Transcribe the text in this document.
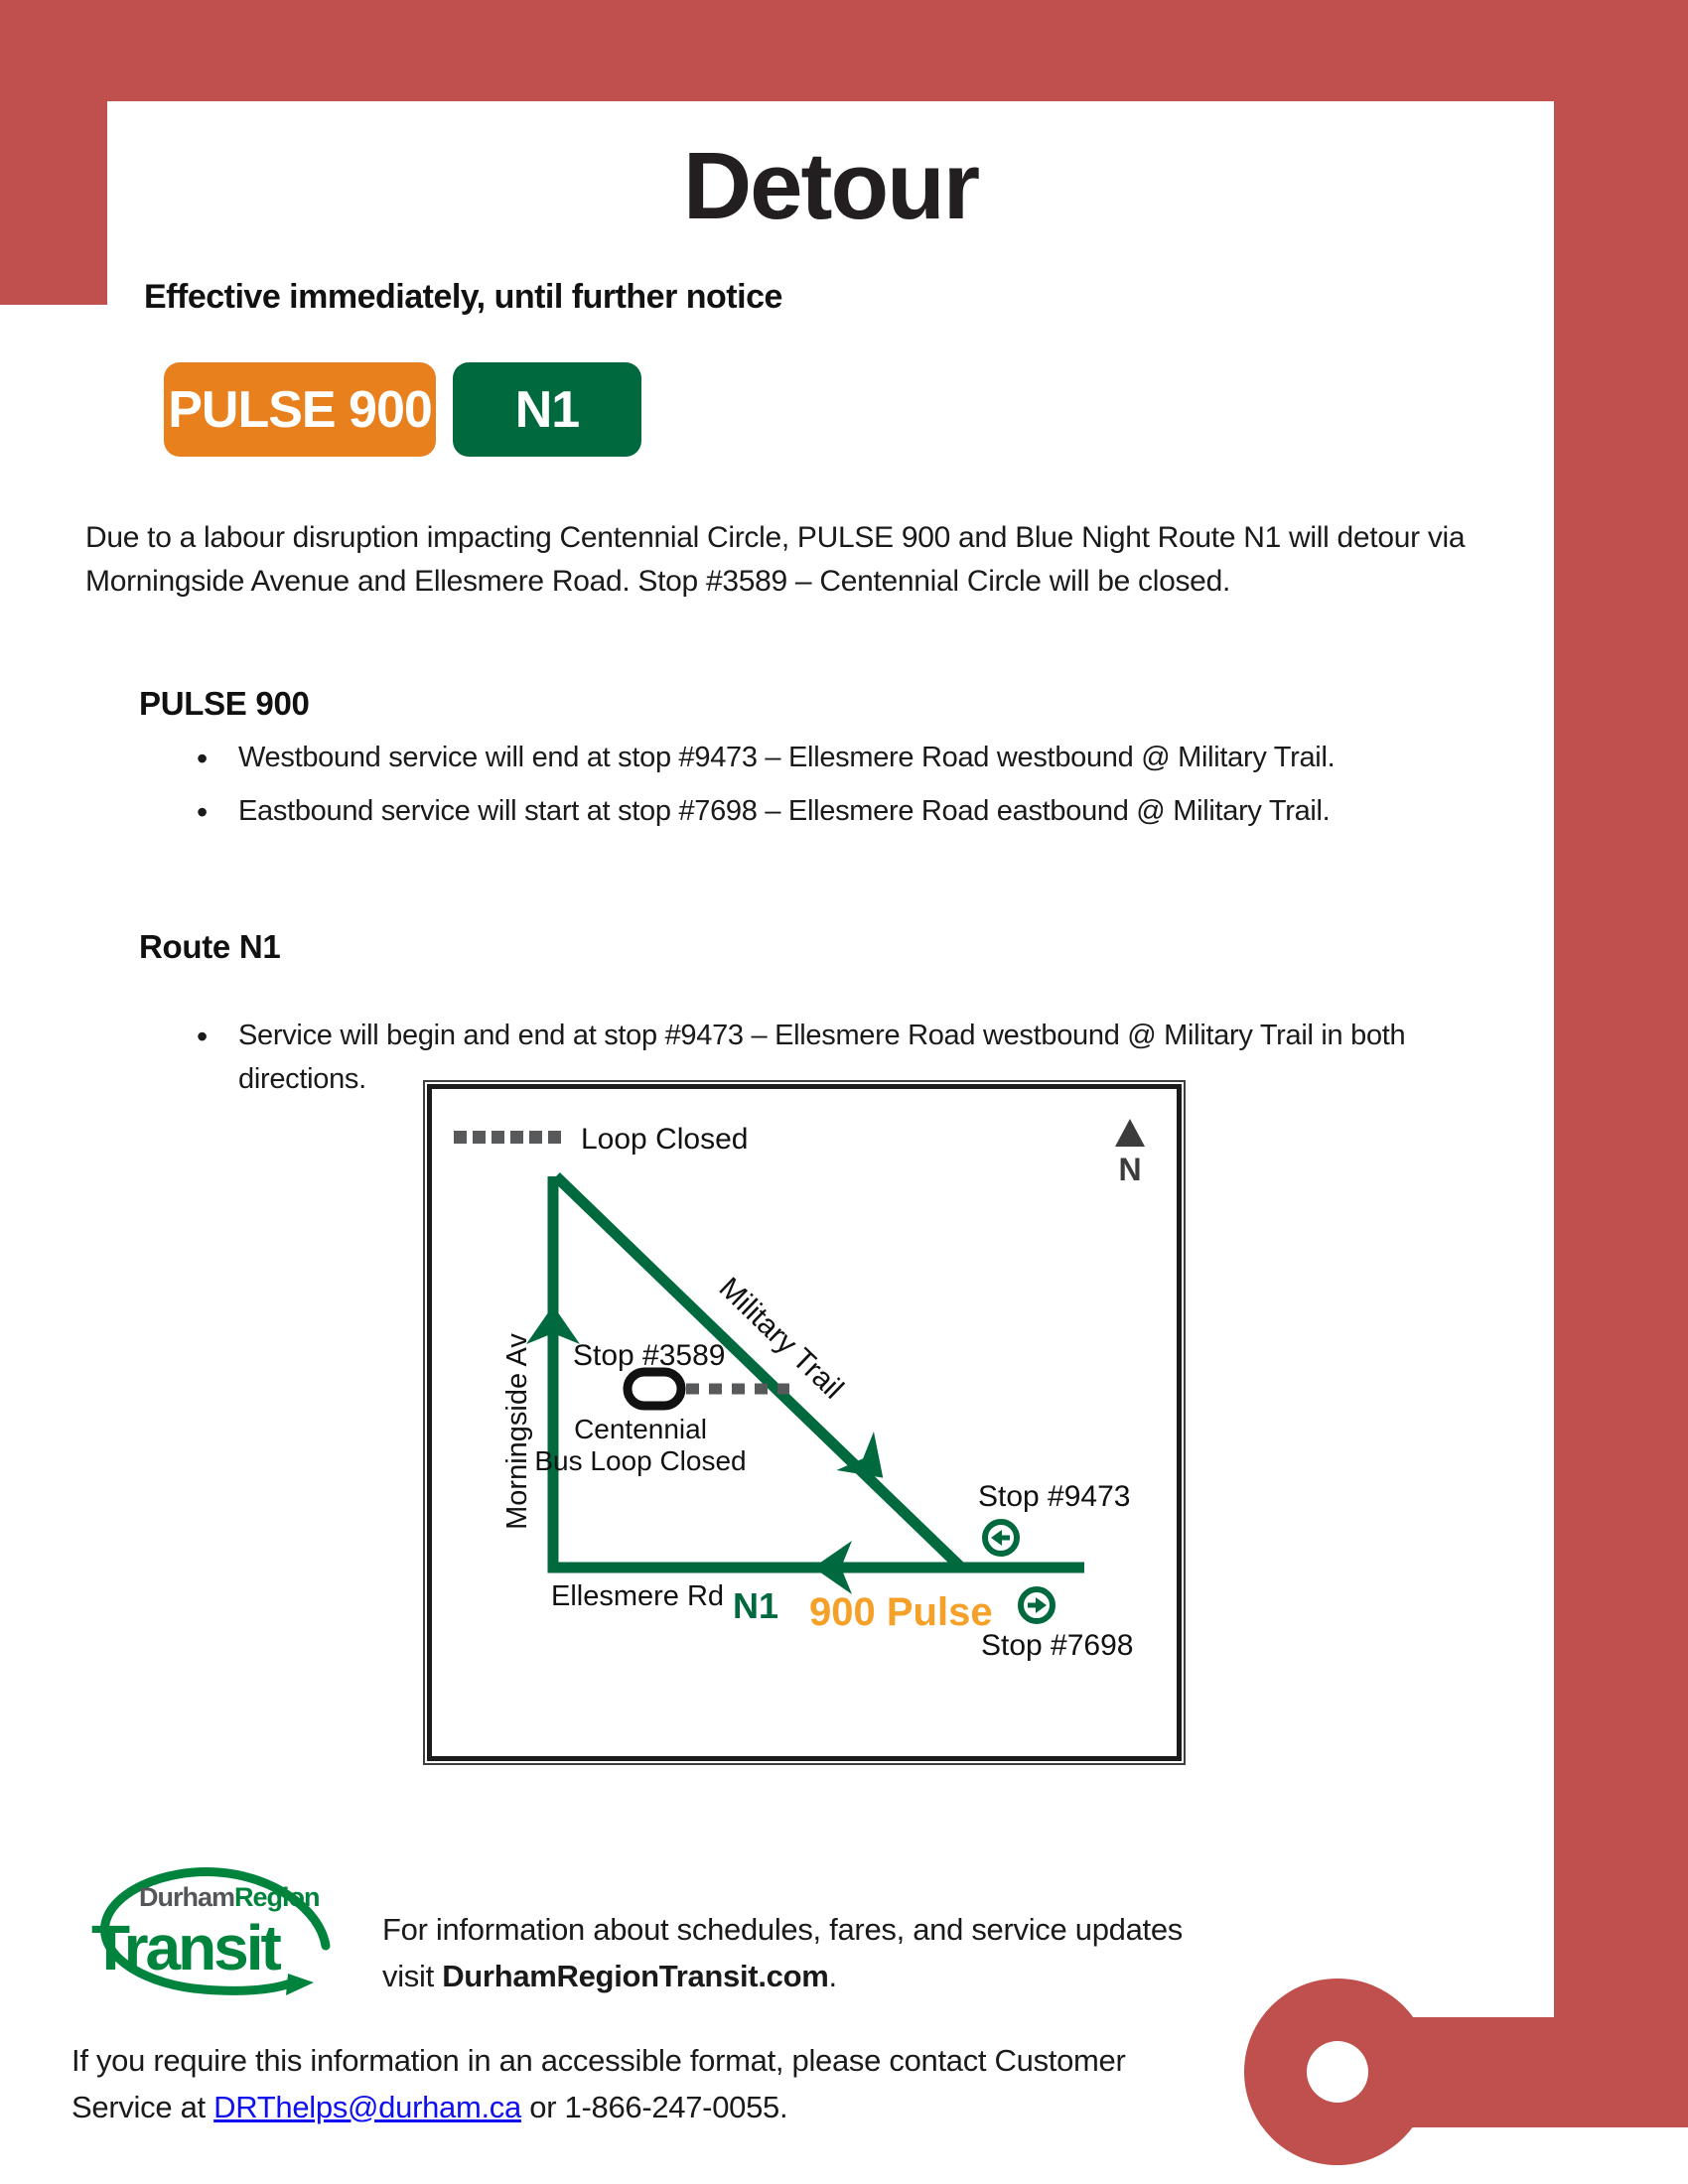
Detour
Effective immediately, until further notice
PULSE 900	N1

Due to a labour disruption impacting Centennial Circle, PULSE 900 and Blue Night Route N1 will detour via Morningside Avenue and Ellesmere Road. Stop #3589 – Centennial Circle will be closed.

PULSE 900
• Westbound service will end at stop #9473 – Ellesmere Road westbound @ Military Trail.
• Eastbound service will start at stop #7698 – Ellesmere Road eastbound @ Military Trail.
Route N1
• Service will begin and end at stop #9473 – Ellesmere Road westbound @ Military Trail in both directions.
Loop Closed
N
Stop #3589
Centennial
Bus Loop Closed
Military Trail
Morningside Av
Ellesmere Rd N1 900 Pulse
Stop #9473
Stop #7698
DurhamRegion
Transit	For information about schedules, fares, and service updates visit DurhamRegionTransit.com.

If you require this information in an accessible format, please contact Customer Service at DRThelps@durham.ca or 1-866-247-0055.
